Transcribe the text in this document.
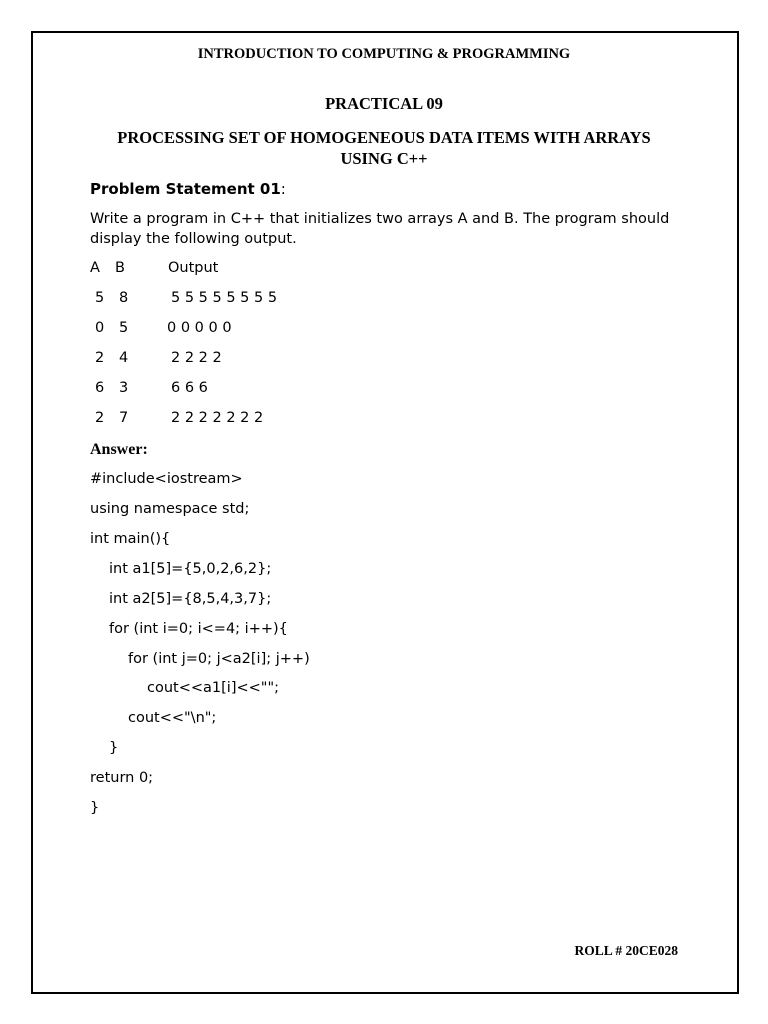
INTRODUCTION TO COMPUTING & PROGRAMMING
PRACTICAL 09
PROCESSING SET OF HOMOGENEOUS DATA ITEMS WITH ARRAYS USING C++
Problem Statement 01:
Write a program in C++ that initializes two arrays A and B. The program should display the following output.
A B	Output
5 8	5 5 5 5 5 5 5 5
0 5	0 0 0 0 0
2 4	2 2 2 2
6 3	6 6 6
2 7	2 2 2 2 2 2 2
Answer:
#include<iostream>
using namespace std;
int main(){
int a1[5]={5,0,2,6,2};
int a2[5]={8,5,4,3,7};
for (int i=0; i<=4; i++){
for (int j=0; j<a2[i]; j++)
cout<<a1[i]<<"";
cout<<"\n";
}
return 0;
}
ROLL # 20CE028
